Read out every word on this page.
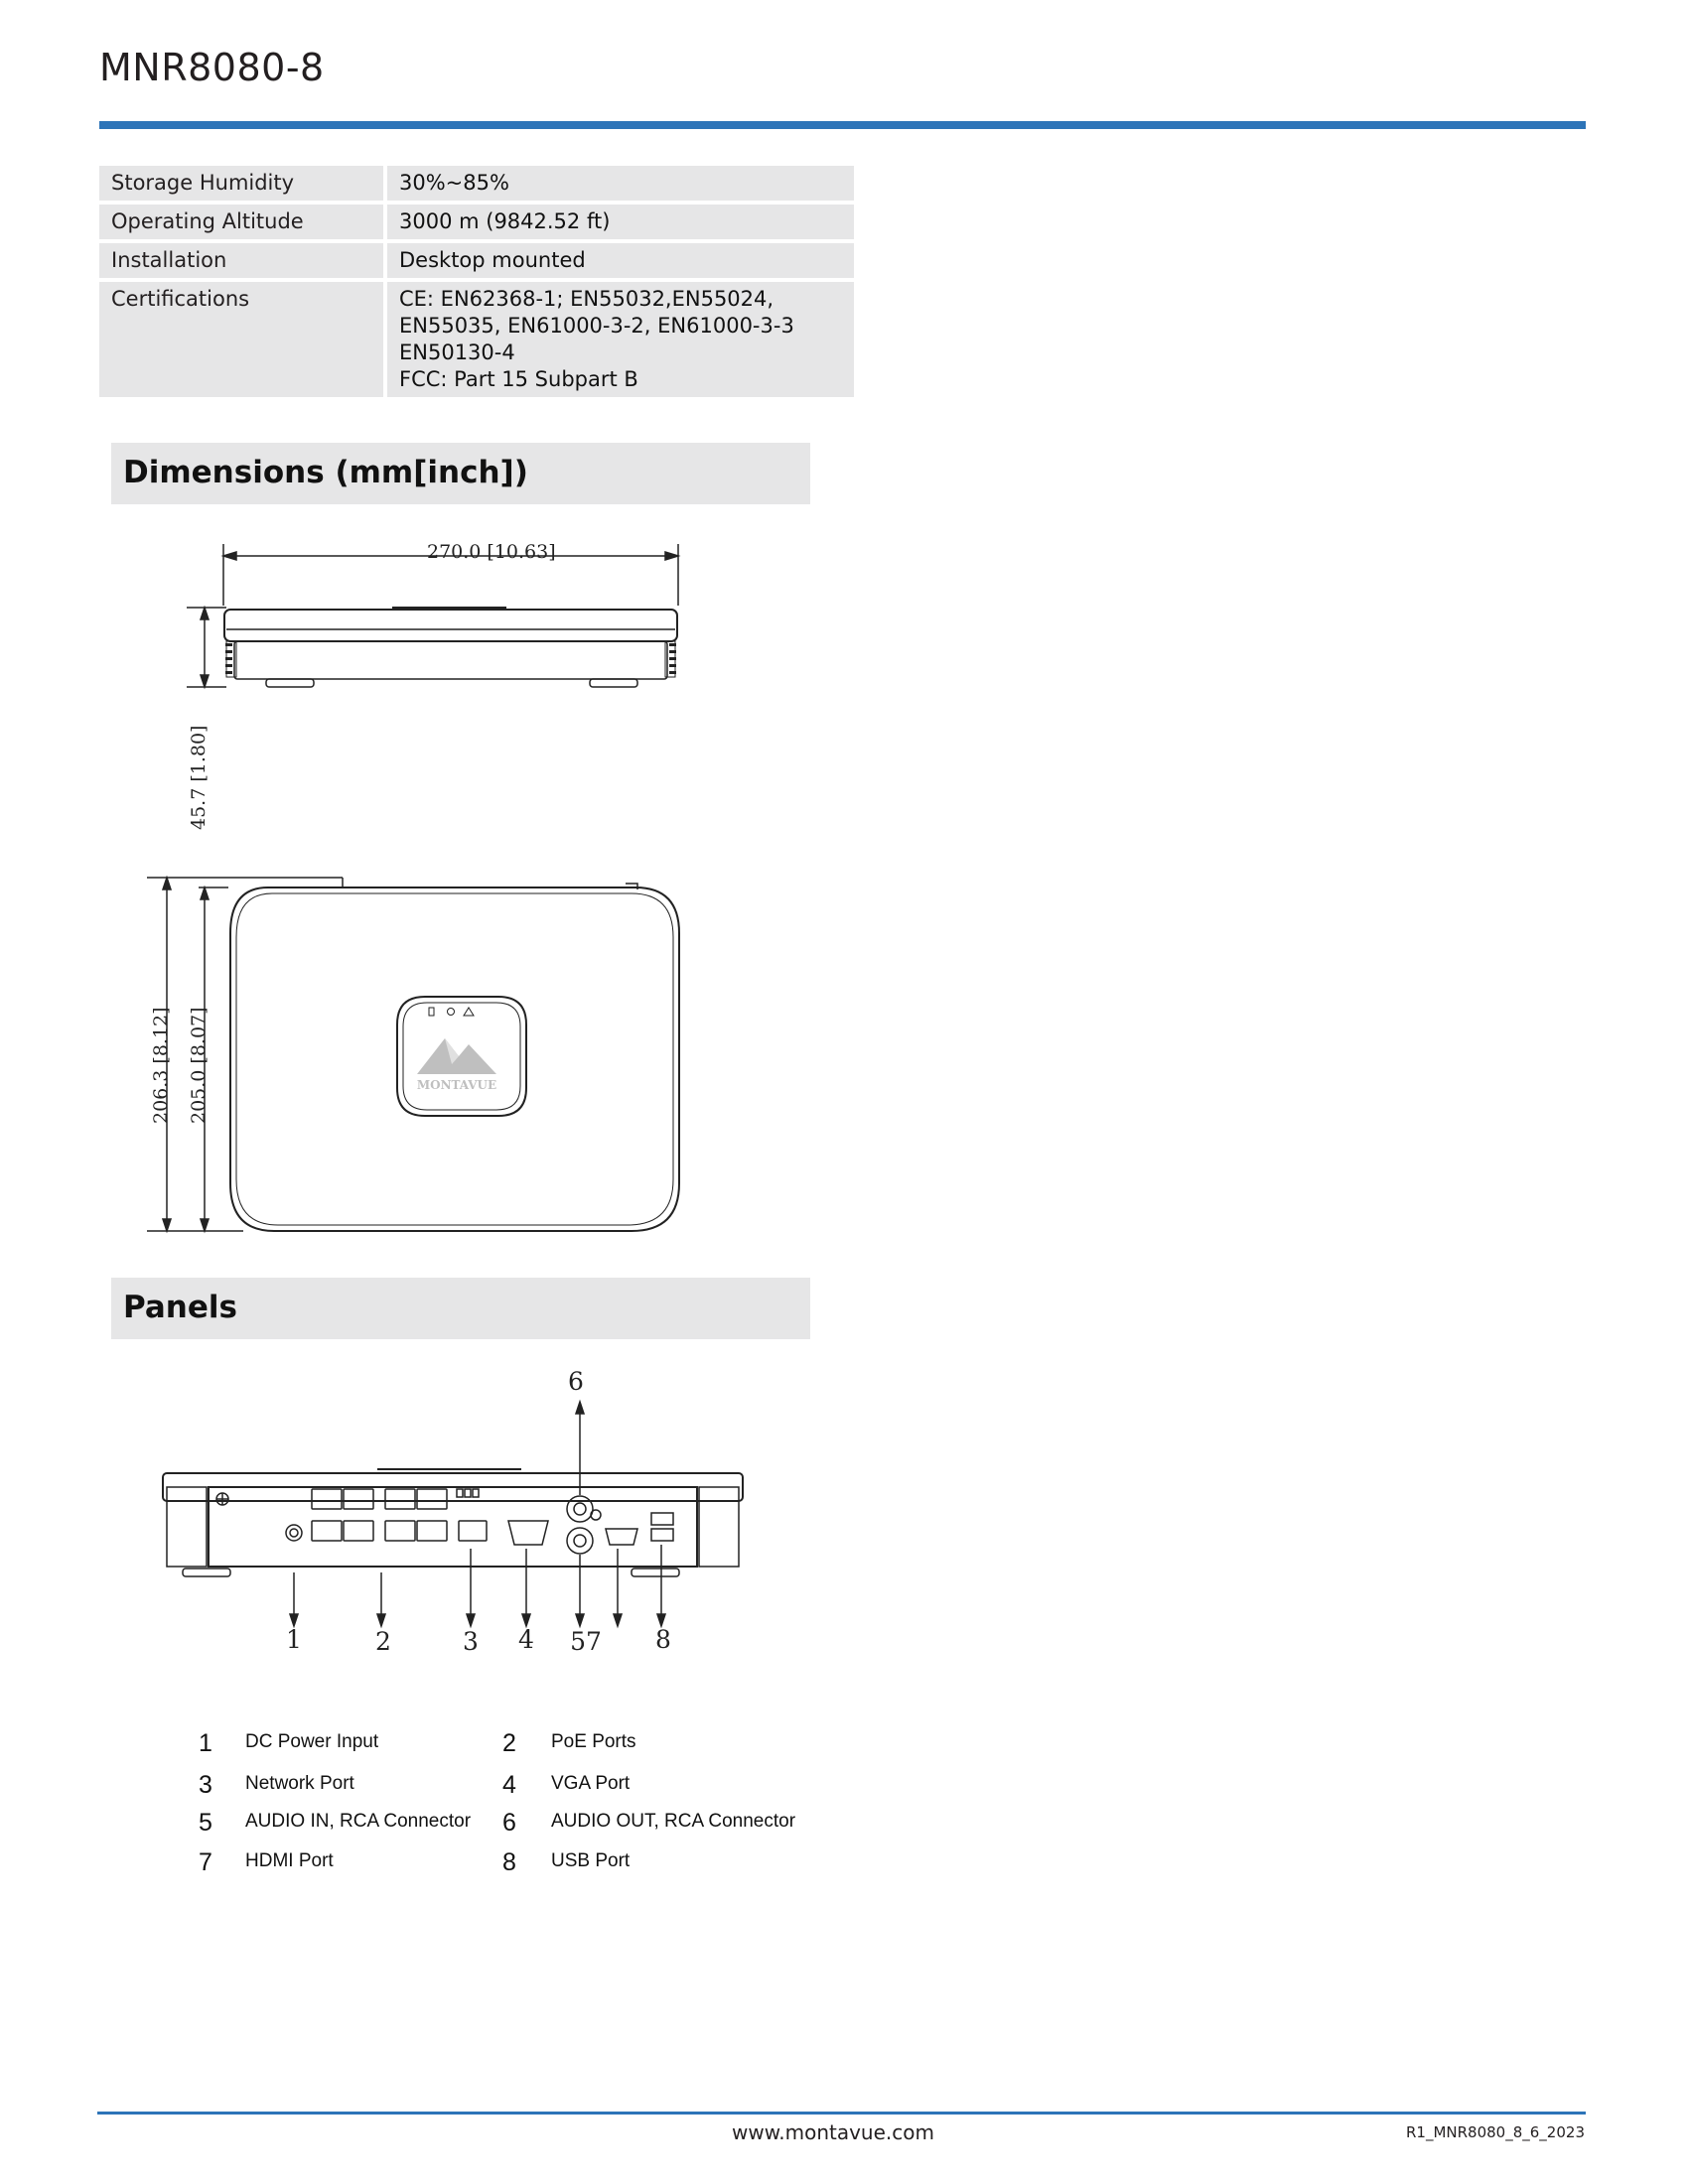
MNR8080-8
Storage Humidity	30%~85%

Operating Altitude	3000 m (9842.52 ft)

Installation	Desktop mounted

Certifications	CE: EN62368-1; EN55032,EN55024,
EN55035, EN61000-3-2, EN61000-3-3
EN50130-4
FCC: Part 15 Subpart B
Dimensions (mm[inch])
Panels
270.0 [10.63]
45.7 [1.80]
MONTAVUE
206.3 [8.12] 205.0 [8.07]
1	2	3 4 57 8
6
1 DC Power Input	2 PoE Ports
3 Network Port	4 VGA Port
5 AUDIO IN, RCA Connector 6 AUDIO OUT, RCA Connector
7 HDMI Port	8 USB Port
www.montavue.com	R1_MNR8080_8_6_2023
